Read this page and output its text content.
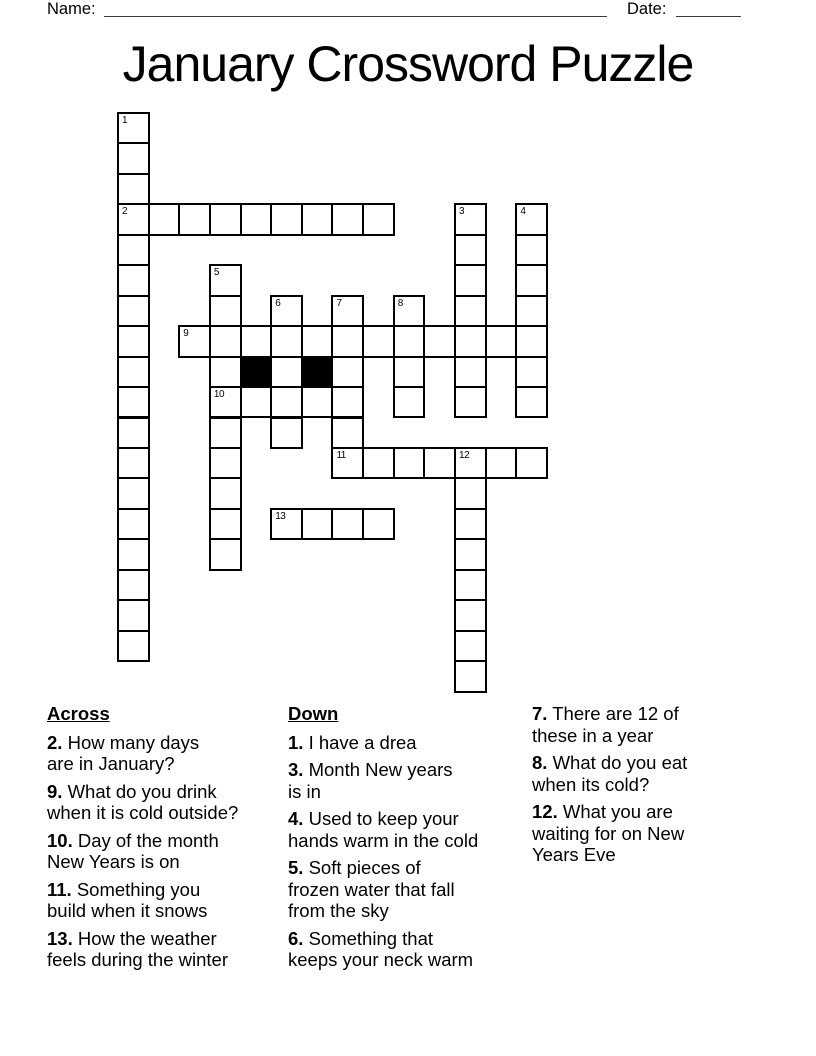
Name:	Date:
January Crossword Puzzle
1
2	3	4
5
10
6	7
11
8
9
12
13
Across

2. How many days
are in January?

9. What do you drink
when it is cold outside?

10. Day of the month
New Years is on

11. Something you
build when it snows

13. How the weather
feels during the winter

Down

1. I have a drea

3. Month New years
is in

4. Used to keep your
hands warm in the cold

5. Soft pieces of
frozen water that fall
from the sky

6. Something that
keeps your neck warm

7. There are 12 of
these in a year

8. What do you eat
when its cold?

12. What you are
waiting for on New
Years Eve
